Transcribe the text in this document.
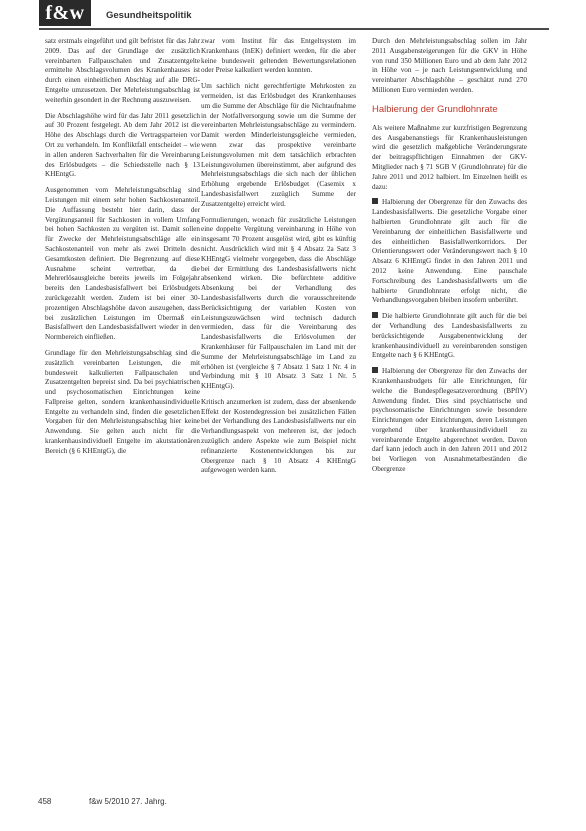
f&w	Gesundheitspolitik

satz erstmals eingeführt und gilt befristet für das Jahr 2009. Das auf der Grundlage der zusätzlich vereinbarten Fallpauschalen und Zusatzentgelte ermittelte Abschlagsvolumen des Krankenhauses ist durch einen einheitlichen Abschlag auf alle DRG-Entgelte umzusetzen. Der Mehrleistungsabschlag ist weiterhin gesondert in der Rechnung auszuweisen.

Die Abschlagshöhe wird für das Jahr 2011 gesetzlich auf 30 Prozent festgelegt. Ab dem Jahr 2012 ist die Höhe des Abschlags durch die Vertragsparteien vor Ort zu verhandeln. Im Konfliktfall entscheidet – wie in allen anderen Sachverhalten für die Vereinbarung des Erlösbudgets – die Schiedsstelle nach § 13 KHEntgG.

Ausgenommen vom Mehrleistungsabschlag sind Leistungen mit einem sehr hohen Sachkostenanteil. Die Auffassung besteht hier darin, dass der Vergütungsanteil für Sachkosten in vollem Umfang bei hohen Sachkosten zu vergüten ist. Damit sollen für Zwecke der Mehrleistungsabschläge alle ein Sachkostenanteil von mehr als zwei Dritteln des Gesamtkosten definiert. Die Begrenzung auf diese Ausnahme scheint vertretbar, da die Mehrerlösausgleiche bereits jeweils im Folgejahr bereits den Landesbasisfallwert bei Erlösbudgets zurückgezahlt werden. Zudem ist bei einer 30-prozentigen Abschlagshöhe davon auszugehen, dass bei zusätzlichen Leistungen im Übermaß ein Basisfallwert den Landesbasisfallwert wieder in den Normbereich einfließen.

Grundlage für den Mehrleistungsabschlag sind die zusätzlich vereinbarten Leistungen, die mit bundesweit kalkulierten Fallpauschalen und Zusatzentgelten bepreist sind. Da bei psychiatrischen und psychosomatischen Einrichtungen keine Fallpreise gelten, sondern krankenhausindividuelle Entgelte zu verhandeln sind, finden die gesetzlichen Vorgaben für den Mehrleistungsabschlag hier keine Anwendung. Sie gelten auch nicht für die krankenhausindividuell Entgelte im akutstationären Bereich (§ 6 KHEntgG), die

zwar vom Institut für das Entgeltsystem im Krankenhaus (InEK) definiert werden, für die aber keine bundesweit geltenden Bewertungsrelationen oder Preise kalkuliert werden konnten.

Um sachlich nicht gerechtfertigte Mehrkosten zu vermeiden, ist das Erlösbudget des Krankenhauses um die Summe der Abschläge für die Nichtaufnahme in der Notfallversorgung sowie um die Summe der vereinbarten Mehrleistungsabschläge zu vermindern. Damit werden Minderleistungsgleiche vermieden, wenn zwar das prospektive vereinbarte Leistungsvolumen mit dem tatsächlich erbrachten Leistungsvolumen übereinstimmt, aber aufgrund des Mehrleistungsabschlags die sich nach der üblichen Erhöhung ergebende Erlösbudget (Casemix x Landesbasisfallwert zuzüglich Summe der Zusatzentgelte) erreicht wird.

Formulierungen, wonach für zusätzliche Leistungen eine doppelte Vergütung vereinbarung in Höhe von insgesamt 70 Prozent ausgelöst wird, gibt es künftig nicht. Ausdrücklich wird mit § 4 Absatz 2a Satz 3 KHEntgG vielmehr vorgegeben, dass die Abschläge bei der Ermittlung des Landesbasisfallwerts nicht absenkend wirken. Die befürchtete additive Absenkung bei der Verhandlung des Landesbasisfallwerts durch die vorausschreitende Berücksichtigung der variablen Kosten von Leistungszuwächsen wird technisch dadurch vermieden, dass für die Vereinbarung des Landesbasisfallwerts die Erlösvolumen der Krankenhäuser für Fallpauschalen im Land mit der Summe der Mehrleistungsabschläge im Land zu erhöhen ist (vergleiche § 7 Absatz 1 Satz 1 Nr. 4 in Verbindung mit § 10 Absatz 3 Satz 1 Nr. 5 KHEntgG).

Kritisch anzumerken ist zudem, dass der absenkende Effekt der Kostendegression bei zusätzlichen Fällen bei der Verhandlung des Landesbasisfallwerts nur ein Verhandlungsaspekt von mehreren ist, der jedoch zuzüglich andere Aspekte wie zum Beispiel nicht refinanzierte Kostenentwicklungen bis zur Obergrenze nach § 10 Absatz 4 KHEntgG aufgewogen werden kann.

Durch den Mehrleistungsabschlag sollen im Jahr 2011 Ausgabensteigerungen für die GKV in Höhe von rund 350 Millionen Euro und ab dem Jahr 2012 in Höhe von – je nach Leistungsentwicklung und vereinbarter Abschlagshöhe – geschätzt rund 270 Millionen Euro vermieden werden.

Halbierung der Grundlohnrate

Als weitere Maßnahme zur kurzfristigen Begrenzung des Ausgabenanstiegs für Krankenhausleistungen wird die gesetzlich maßgebliche Veränderungsrate der beitragspflichtigen Einnahmen der GKV-Mitglieder nach § 71 SGB V (Grundlohnrate) für die Jahre 2011 und 2012 halbiert. Im Einzelnen heißt es dazu:

Halbierung der Obergrenze für den Zuwachs des Landesbasisfallwerts. Die gesetzliche Vorgabe einer halbierten Grundlohnrate gilt auch für die Vereinbarung der einheitlichen Basisfallwerte und des einheitlichen Basisfallwertkorridors. Der Orientierungswert oder Veränderungswert nach § 10 Absatz 6 KHEntgG findet in den Jahren 2011 und 2012 keine Anwendung. Eine pauschale Fortschreibung des Landesbasisfallwerts um die halbierte Grundlohnrate erfolgt nicht, die Verhandlungsvorgaben bleiben insofern unberührt.

Die halbierte Grundlohnrate gilt auch für die bei der Verhandlung des Landesbasisfallwerts zu berücksichtigende Ausgabenentwicklung der krankenhausindividuell zu vereinbarenden sonstigen Entgelte nach § 6 KHEntgG.

Halbierung der Obergrenze für den Zuwachs der Krankenhausbudgets für alle Einrichtungen, für welche die Bundespflegesatzverordnung (BPflV) Anwendung findet. Dies sind psychiatrische und psychosomatische Einrichtungen sowie besondere Einrichtungen oder Einrichtungen, deren Leistungen vorgehend über krankenhausindividuell zu vereinbarende Entgelte abgerechnet werden. Davon darf kann jedoch auch in den Jahren 2011 und 2012 bei Vorliegen von Ausnahmetatbeständen die Obergrenze

458	f&w 5/2010 27. Jahrg.
